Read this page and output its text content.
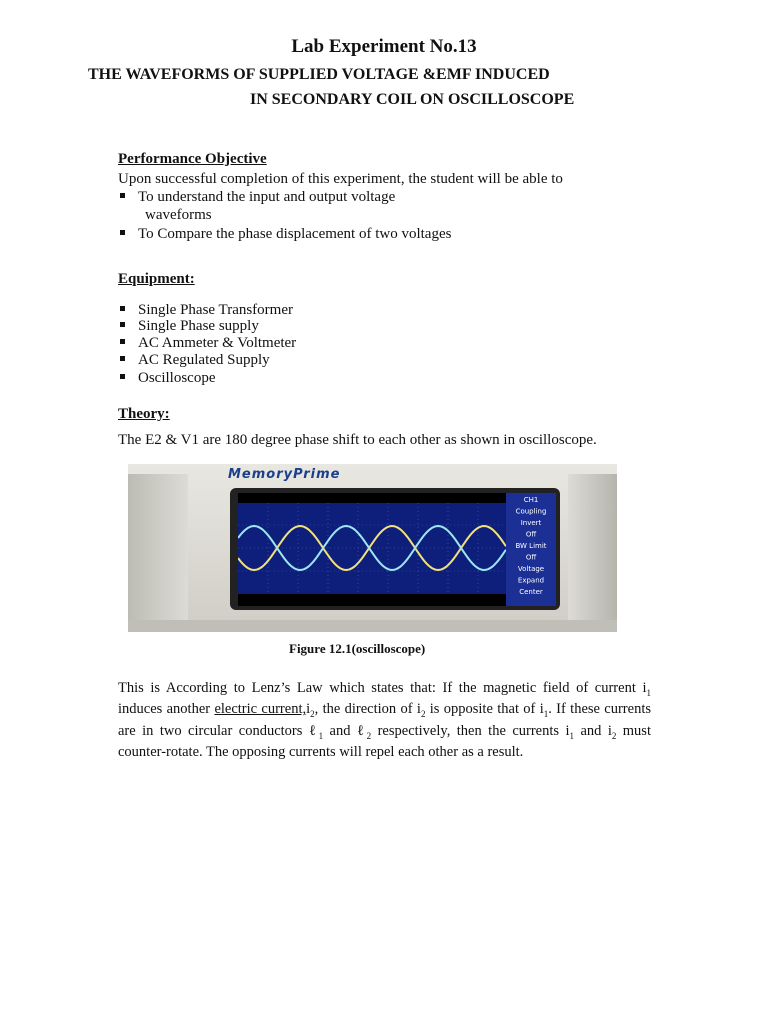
Lab Experiment No.13
THE WAVEFORMS OF SUPPLIED VOLTAGE &EMF INDUCED
IN SECONDARY COIL ON OSCILLOSCOPE
Performance Objective
Upon successful completion of this experiment, the student will be able to
To understand the input and output voltage
waveforms
To Compare the phase displacement of two voltages
Equipment:
Single Phase Transformer
Single Phase supply
AC Ammeter & Voltmeter
AC Regulated Supply
Oscilloscope
Theory:
The E2 & V1 are 180 degree phase shift to each other as shown in oscilloscope.
MemoryPrime
CH1
Coupling
Invert
Off
BW Limit
Off
Voltage
Expand
Center
Figure 12.1(oscilloscope)
This is According to Lenz’s Law which states that: If the magnetic field of current $i_1$ induces another electric $current,i_2$, the direction of $i_2$ is opposite that of $i_1$. If these currents are in two circular conductors ℓ$_1$ and ℓ$_2$ respectively, then the currents $i_1$ and $i_2$ must counter-rotate. The opposing currents will repel each other as a result.
